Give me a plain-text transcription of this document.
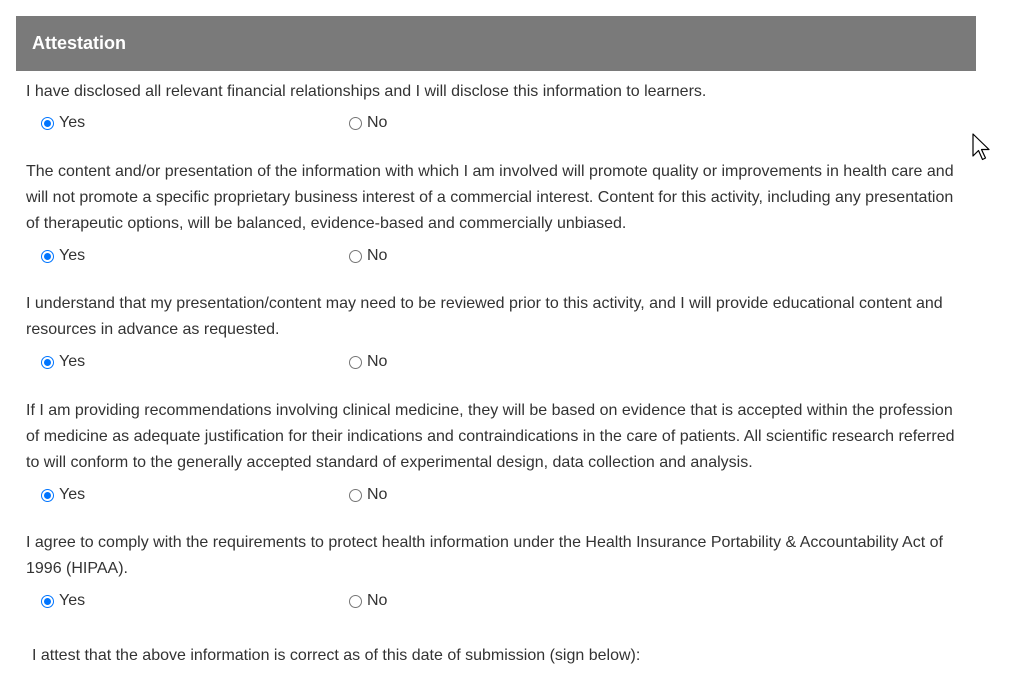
Attestation
I have disclosed all relevant financial relationships and I will disclose this information to learners.
Yes	No
The content and/or presentation of the information with which I am involved will promote quality or improvements in health care and will not promote a specific proprietary business interest of a commercial interest. Content for this activity, including any presentation of therapeutic options, will be balanced, evidence-based and commercially unbiased.
Yes	No
I understand that my presentation/content may need to be reviewed prior to this activity, and I will provide educational content and resources in advance as requested.
Yes	No
If I am providing recommendations involving clinical medicine, they will be based on evidence that is accepted within the profession of medicine as adequate justification for their indications and contraindications in the care of patients. All scientific research referred to will conform to the generally accepted standard of experimental design, data collection and analysis.
Yes	No
I agree to comply with the requirements to protect health information under the Health Insurance Portability & Accountability Act of 1996 (HIPAA).
Yes	No
I attest that the above information is correct as of this date of submission (sign below):
